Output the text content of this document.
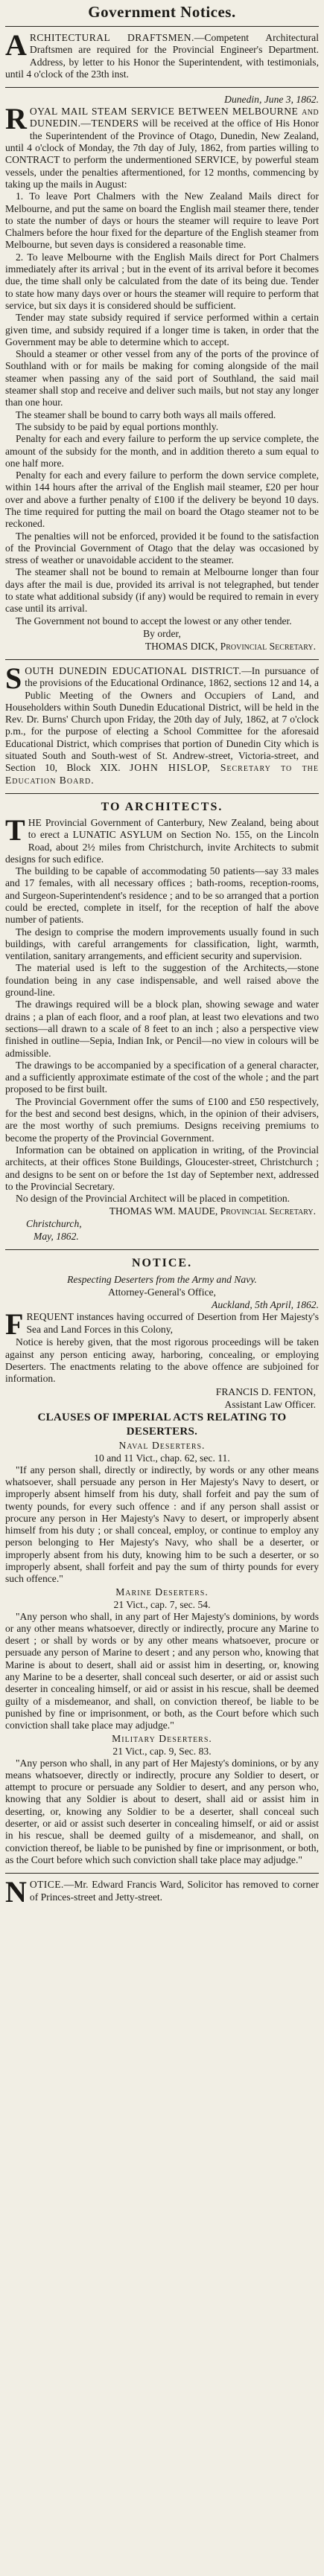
Government Notices.

ARCHITECTURAL DRAFTSMEN.—Competent Architectural Draftsmen are required for the Provincial Engineer's Department. Address, by letter to his Honor the Superintendent, with testimonials, until 4 o'clock of the 23th inst.

Dunedin, June 3, 1862.

ROYAL MAIL STEAM SERVICE BETWEEN MELBOURNE and DUNEDIN.—TENDERS will be received at the office of His Honor the Superintendent of the Province of Otago, Dunedin, New Zealand, until 4 o'clock of Monday, the 7th day of July, 1862, from parties willing to CONTRACT to perform the undermentioned SERVICE, by powerful steam vessels, under the penalties aftermentioned, for 12 months, commencing by taking up the mails in August:

1. To leave Port Chalmers with the New Zealand Mails direct for Melbourne, and put the same on board the English mail steamer there, tender to state the number of days or hours the steamer will require to leave Port Chalmers before the hour fixed for the departure of the English steamer from Melbourne, but seven days is considered a reasonable time.

2. To leave Melbourne with the English Mails direct for Port Chalmers immediately after its arrival ; but in the event of its arrival before it becomes due, the time shall only be calculated from the date of its being due. Tender to state how many days over or hours the steamer will require to perform that service, but six days it is considered should be sufficient.

Tender may state subsidy required if service performed within a certain given time, and subsidy required if a longer time is taken, in order that the Government may be able to determine which to accept.

Should a steamer or other vessel from any of the ports of the province of Southland with or for mails be making for coming alongside of the mail steamer when passing any of the said port of Southland, the said mail steamer shall stop and receive and deliver such mails, but not stay any longer than one hour.

The steamer shall be bound to carry both ways all mails offered.

The subsidy to be paid by equal portions monthly.

Penalty for each and every failure to perform the up service complete, the amount of the subsidy for the month, and in addition thereto a sum equal to one half more.

Penalty for each and every failure to perform the down service complete, within 144 hours after the arrival of the English mail steamer, £20 per hour over and above a further penalty of £100 if the delivery be beyond 10 days. The time required for putting the mail on board the Otago steamer not to be reckoned.

The penalties will not be enforced, provided it be found to the satisfaction of the Provincial Government of Otago that the delay was occasioned by stress of weather or unavoidable accident to the steamer.

The steamer shall not be bound to remain at Melbourne longer than four days after the mail is due, provided its arrival is not telegraphed, but tender to state what additional subsidy (if any) would be required to remain in every case until its arrival.

The Government not bound to accept the lowest or any other tender.

By order,
THOMAS DICK, Provincial Secretary.

SOUTH DUNEDIN EDUCATIONAL DISTRICT.—In pursuance of the provisions of the Educational Ordinance, 1862, sections 12 and 14, a Public Meeting of the Owners and Occupiers of Land, and Householders within South Dunedin Educational District, will be held in the Rev. Dr. Burns' Church upon Friday, the 20th day of July, 1862, at 7 o'clock p.m., for the purpose of electing a School Committee for the aforesaid Educational District, which comprises that portion of Dunedin City which is situated South and South-west of St. Andrew-street, Victoria-street, and Section 10, Block XIX. JOHN HISLOP, Secretary to the Education Board.

TO ARCHITECTS.

THE Provincial Government of Canterbury, New Zealand, being about to erect a LUNATIC ASYLUM on Section No. 155, on the Lincoln Road, about 2½ miles from Christchurch, invite Architects to submit designs for such edifice.

The building to be capable of accommodating 50 patients—say 33 males and 17 females, with all necessary offices ; bath-rooms, reception-rooms, and Surgeon-Superintendent's residence ; and to be so arranged that a portion could be erected, complete in itself, for the reception of half the above number of patients.

The design to comprise the modern improvements usually found in such buildings, with careful arrangements for classification, light, warmth, ventilation, sanitary arrangements, and efficient security and supervision.

The material used is left to the suggestion of the Architects,—stone foundation being in any case indispensable, and well raised above the ground-line.

The drawings required will be a block plan, showing sewage and water drains ; a plan of each floor, and a roof plan, at least two elevations and two sections—all drawn to a scale of 8 feet to an inch ; also a perspective view finished in outline—Sepia, Indian Ink, or Pencil—no view in colours will be admissible.

The drawings to be accompanied by a specification of a general character, and a sufficiently approximate estimate of the cost of the whole ; and the part proposed to be first built.

The Provincial Government offer the sums of £100 and £50 respectively, for the best and second best designs, which, in the opinion of their advisers, are the most worthy of such premiums. Designs receiving premiums to become the property of the Provincial Government.

Information can be obtained on application in writing, of the Provincial architects, at their offices Stone Buildings, Gloucester-street, Christchurch ; and designs to be sent on or before the 1st day of September next, addressed to the Provincial Secretary.

No design of the Provincial Architect will be placed in competition.

THOMAS WM. MAUDE, Provincial Secretary.
Christchurch,
May, 1862.
NOTICE.
Respecting Deserters from the Army and Navy.
Attorney-General's Office,
Auckland, 5th April, 1862.

FREQUENT instances having occurred of Desertion from Her Majesty's Sea and Land Forces in this Colony,

Notice is hereby given, that the most rigorous proceedings will be taken against any person enticing away, harboring, concealing, or employing Deserters. The enactments relating to the above offence are subjoined for information.

FRANCIS D. FENTON,
Assistant Law Officer.
CLAUSES OF IMPERIAL ACTS RELATING TO DESERTERS.
Naval Deserters.
10 and 11 Vict., chap. 62, sec. 11.

"If any person shall, directly or indirectly, by words or any other means whatsoever, shall persuade any person in Her Majesty's Navy to desert, or improperly absent himself from his duty, shall forfeit and pay the sum of twenty pounds, for every such offence : and if any person shall assist or procure any person in Her Majesty's Navy to desert, or improperly absent himself from his duty ; or shall conceal, employ, or continue to employ any person belonging to Her Majesty's Navy, who shall be a deserter, or improperly absent from his duty, knowing him to be such a deserter, or so improperly absent, shall forfeit and pay the sum of thirty pounds for every such offence."

Marine Deserters.
21 Vict., cap. 7, sec. 54.

"Any person who shall, in any part of Her Majesty's dominions, by words or any other means whatsoever, directly or indirectly, procure any Marine to desert ; or shall by words or by any other means whatsoever, procure or persuade any person of Marine to desert ; and any person who, knowing that Marine is about to desert, shall aid or assist him in deserting, or, knowing any Marine to be a deserter, shall conceal such deserter, or aid or assist such deserter in concealing himself, or aid or assist in his rescue, shall be deemed guilty of a misdemeanor, and shall, on conviction thereof, be liable to be punished by fine or imprisonment, or both, as the Court before which such conviction shall take place may adjudge."

Military Deserters.
21 Vict., cap. 9, Sec. 83.

"Any person who shall, in any part of Her Majesty's dominions, or by any means whatsoever, directly or indirectly, procure any Soldier to desert, or attempt to procure or persuade any Soldier to desert, and any person who, knowing that any Soldier is about to desert, shall aid or assist him in deserting, or, knowing any Soldier to be a deserter, shall conceal such deserter, or aid or assist such deserter in concealing himself, or aid or assist in his rescue, shall be deemed guilty of a misdemeanor, and shall, on conviction thereof, be liable to be punished by fine or imprisonment, or both, as the Court before which such conviction shall take place may adjudge."

NOTICE.—Mr. Edward Francis Ward, Solicitor has removed to corner of Princes-street and Jetty-street.
